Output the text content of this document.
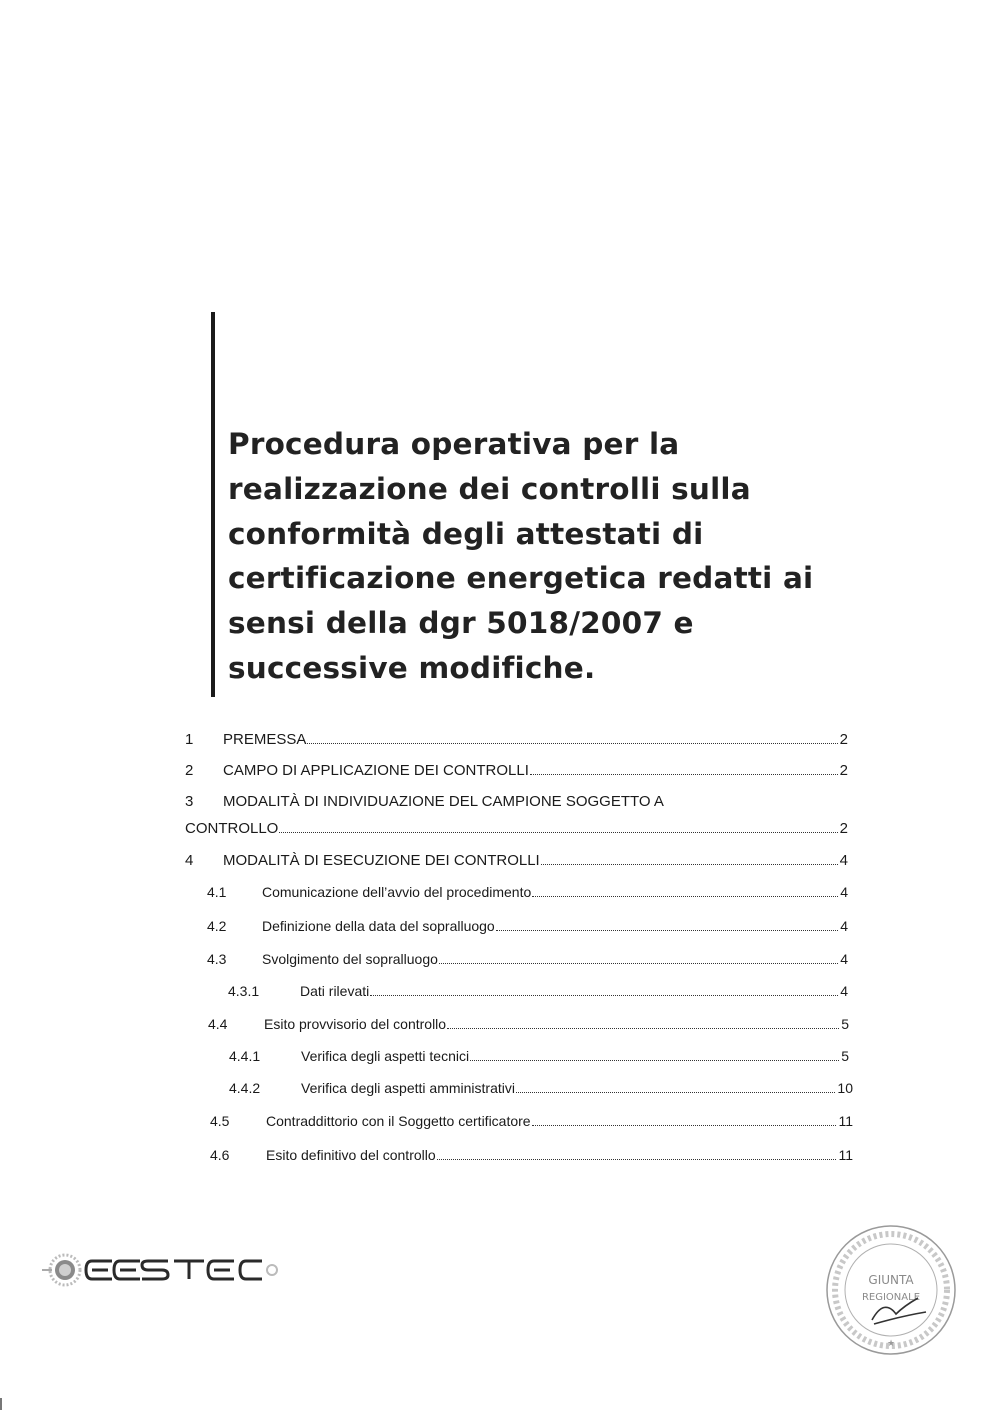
Procedura operativa per la
realizzazione dei controlli sulla
conformità degli attestati di
certificazione energetica redatti ai
sensi della dgr 5018/2007 e
successive modifiche.
1	PREMESSA	2
2	CAMPO DI APPLICAZIONE DEI CONTROLLI	2
3	MODALITÀ DI INDIVIDUAZIONE DEL CAMPIONE SOGGETTO A
CONTROLLO	2
4	MODALITÀ DI ESECUZIONE DEI CONTROLLI	4
4.1	Comunicazione dell’avvio del procedimento	4
4.2	Definizione della data del sopralluogo	4
4.3	Svolgimento del sopralluogo	4
4.3.1	Dati rilevati	4
4.4	Esito provvisorio del controllo	5
4.4.1	Verifica degli aspetti tecnici	5
4.4.2	Verifica degli aspetti amministrativi	10
4.5	Contraddittorio con il Soggetto certificatore	11
4.6	Esito definitivo del controllo	11
GIUNTA
REGIONALE
★
